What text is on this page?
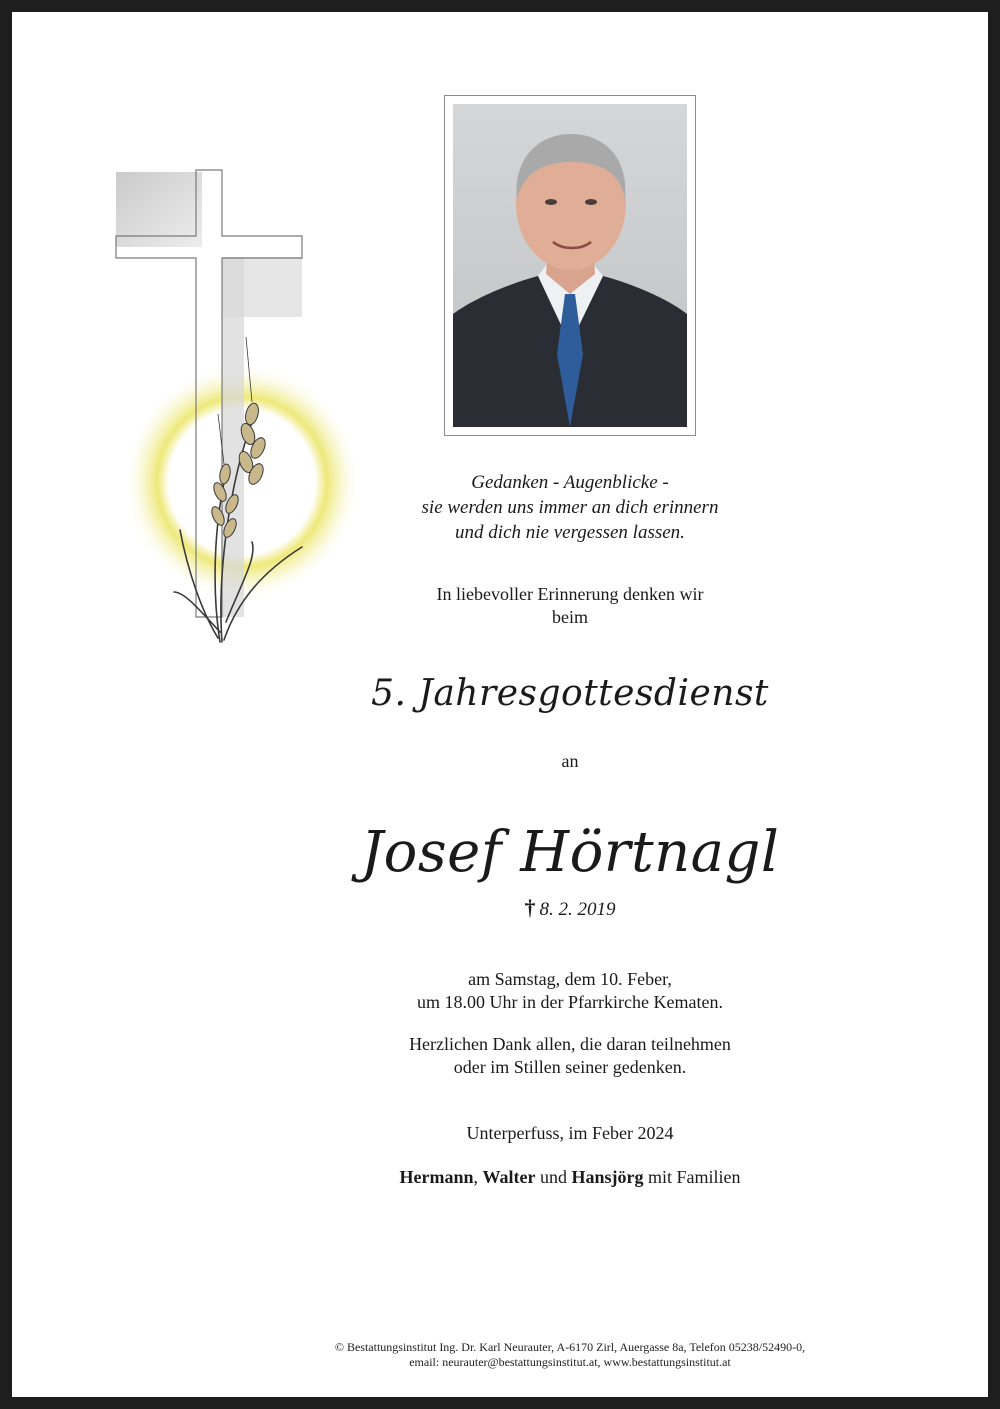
Gedanken - Augenblicke -
sie werden uns immer an dich erinnern
und dich nie vergessen lassen.
In liebevoller Erinnerung denken wir
beim
5. Jahresgottesdienst
an
Josef Hörtnagl
† 8. 2. 2019
am Samstag, dem 10. Feber,
um 18.00 Uhr in der Pfarrkirche Kematen.
Herzlichen Dank allen, die daran teilnehmen
oder im Stillen seiner gedenken.
Unterperfuss, im Feber 2024
Hermann, Walter und Hansjörg mit Familien
© Bestattungsinstitut Ing. Dr. Karl Neurauter, A-6170 Zirl, Auergasse 8a, Telefon 05238/52490-0,
email: neurauter@bestattungsinstitut.at, www.bestattungsinstitut.at
